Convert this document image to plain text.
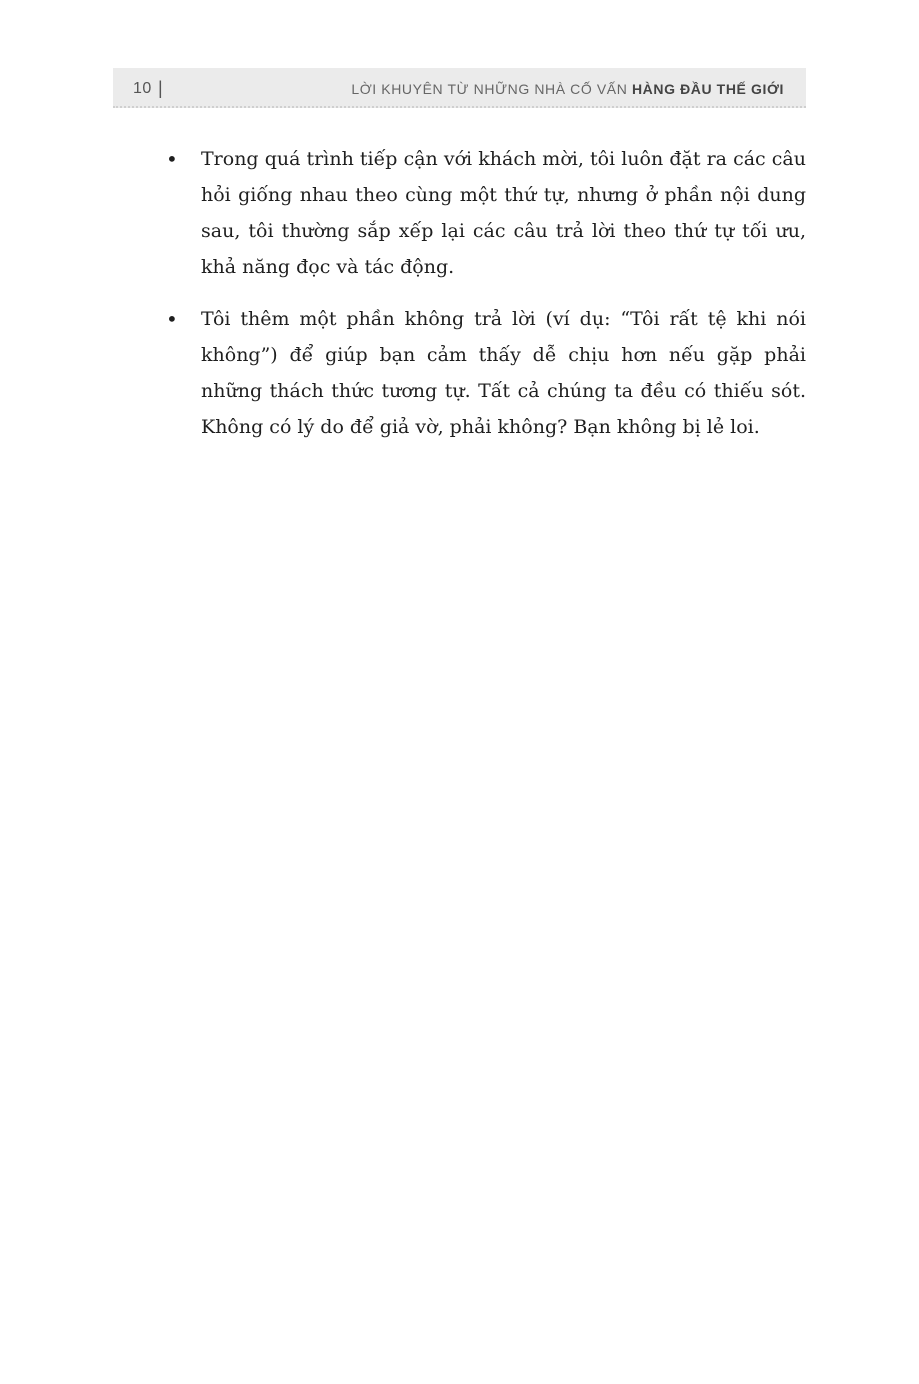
10 |	LỜI KHUYÊN TỪ NHỮNG NHÀ CỐ VẤN HÀNG ĐẦU THẾ GIỚI
• Trong quá trình tiếp cận với khách mời, tôi luôn đặt ra các câu hỏi giống nhau theo cùng một thứ tự, nhưng ở phần nội dung sau, tôi thường sắp xếp lại các câu trả lời theo thứ tự tối ưu, khả năng đọc và tác động.

• Tôi thêm một phần không trả lời (ví dụ: “Tôi rất tệ khi nói không”) để giúp bạn cảm thấy dễ chịu hơn nếu gặp phải những thách thức tương tự. Tất cả chúng ta đều có thiếu sót. Không có lý do để giả vờ, phải không? Bạn không bị lẻ loi.
